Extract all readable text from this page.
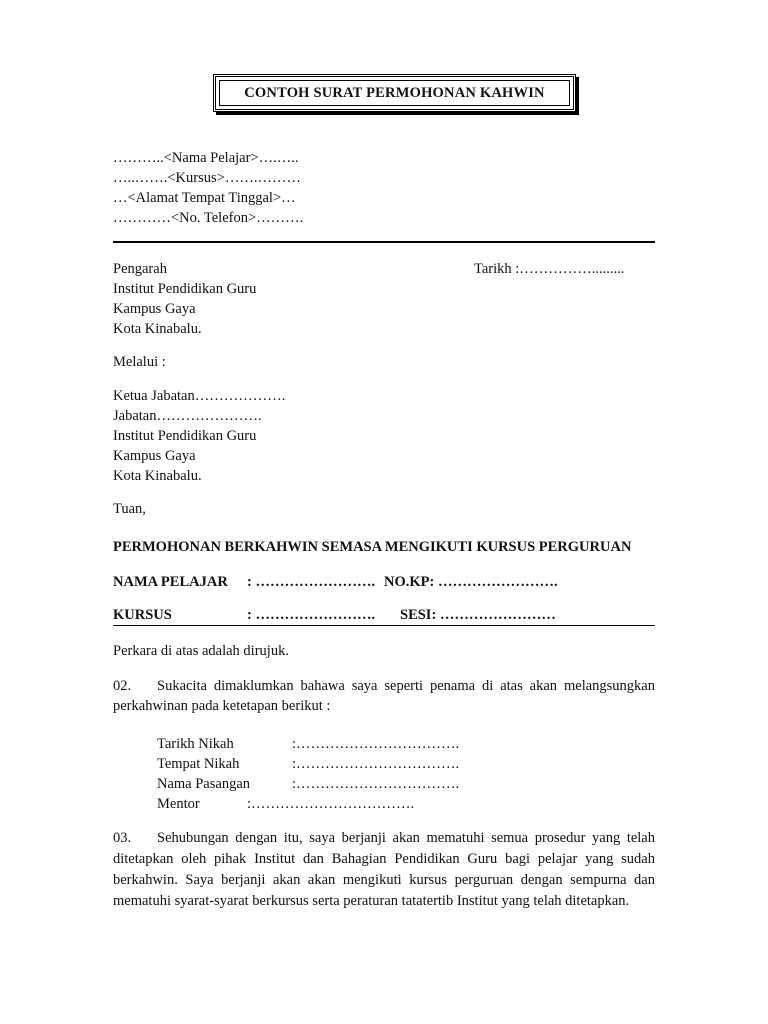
CONTOH SURAT PERMOHONAN KAHWIN
………..<Nama Pelajar>….…..
…..…….<Kursus>…….………
…<Alamat Tempat Tinggal>…
…………<No. Telefon>……….
Pengarah
Institut Pendidikan Guru
Kampus Gaya
Kota Kinabalu.
Tarikh :…………….........
Melalui :
Ketua Jabatan……………….
Jabatan………………….
Institut Pendidikan Guru
Kampus Gaya
Kota Kinabalu.
Tuan,
PERMOHONAN BERKAHWIN SEMASA MENGIKUTI KURSUS PERGURUAN
NAMA PELAJAR : ……………………. NO.KP: …………………….
KURSUS	: ……………………. SESI: ……………………
Perkara di atas adalah dirujuk.
02. Sukacita dimaklumkan bahawa saya seperti penama di atas akan melangsungkan perkahwinan pada ketetapan berikut :
Tarikh Nikah	:…………………………….
Tempat Nikah	:…………………………….
Nama Pasangan	:…………………………….
Mentor	:…………………………….
03. Sehubungan dengan itu, saya berjanji akan mematuhi semua prosedur yang telah ditetapkan oleh pihak Institut dan Bahagian Pendidikan Guru bagi pelajar yang sudah berkahwin. Saya berjanji akan akan mengikuti kursus perguruan dengan sempurna dan mematuhi syarat-syarat berkursus serta peraturan tatatertib Institut yang telah ditetapkan.
